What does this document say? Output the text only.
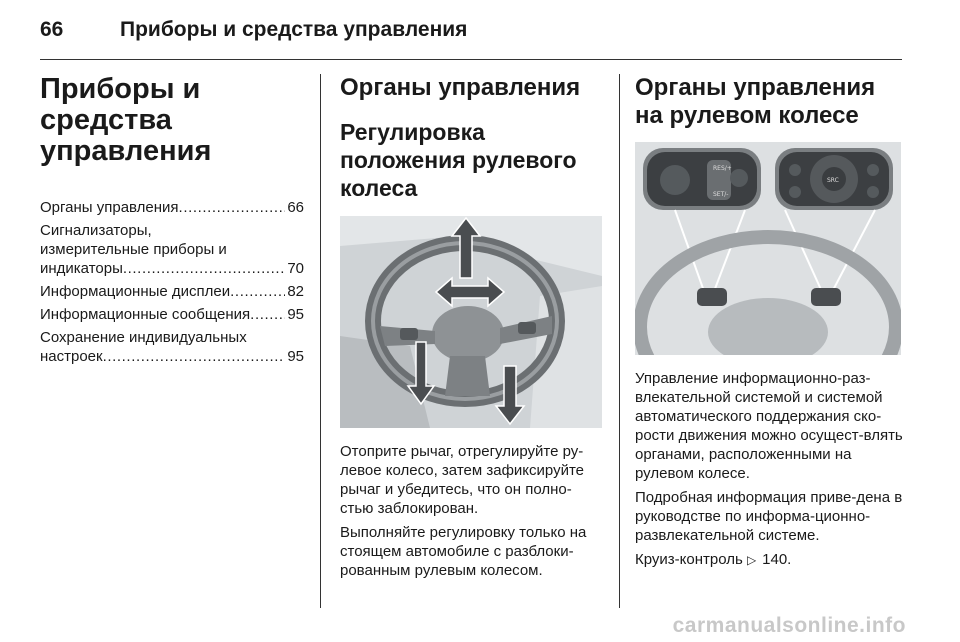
66	Приборы и средства управления
Приборы и средства управления
Органы управления .....	66
Сигнализаторы,
измерительные приборы и
индикаторы .....	70
Информационные дисплеи .....	82
Информационные сообщения ..... 95
Сохранение индивидуальных
настроек .....	95
Органы управления
Регулировка положения рулевого колеса

Отоприте рычаг, отрегулируйте ру-левое колесо, затем зафиксируйте рычаг и убедитесь, что он полно-стью заблокирован.

Выполняйте регулировку только на стоящем автомобиле с разблоки-рованным рулевым колесом.

Органы управления на рулевом колесе
RES/+
SET/-
SRC

Управление информационно-раз-влекательной системой и системой автоматического поддержания ско-рости движения можно осущест-влять органами, расположенными на рулевом колесе.

Подробная информация приве-дена в руководстве по информа-ционно-развлекательной системе.

Круиз-контроль ▷ 140.

carmanualsonline.info
